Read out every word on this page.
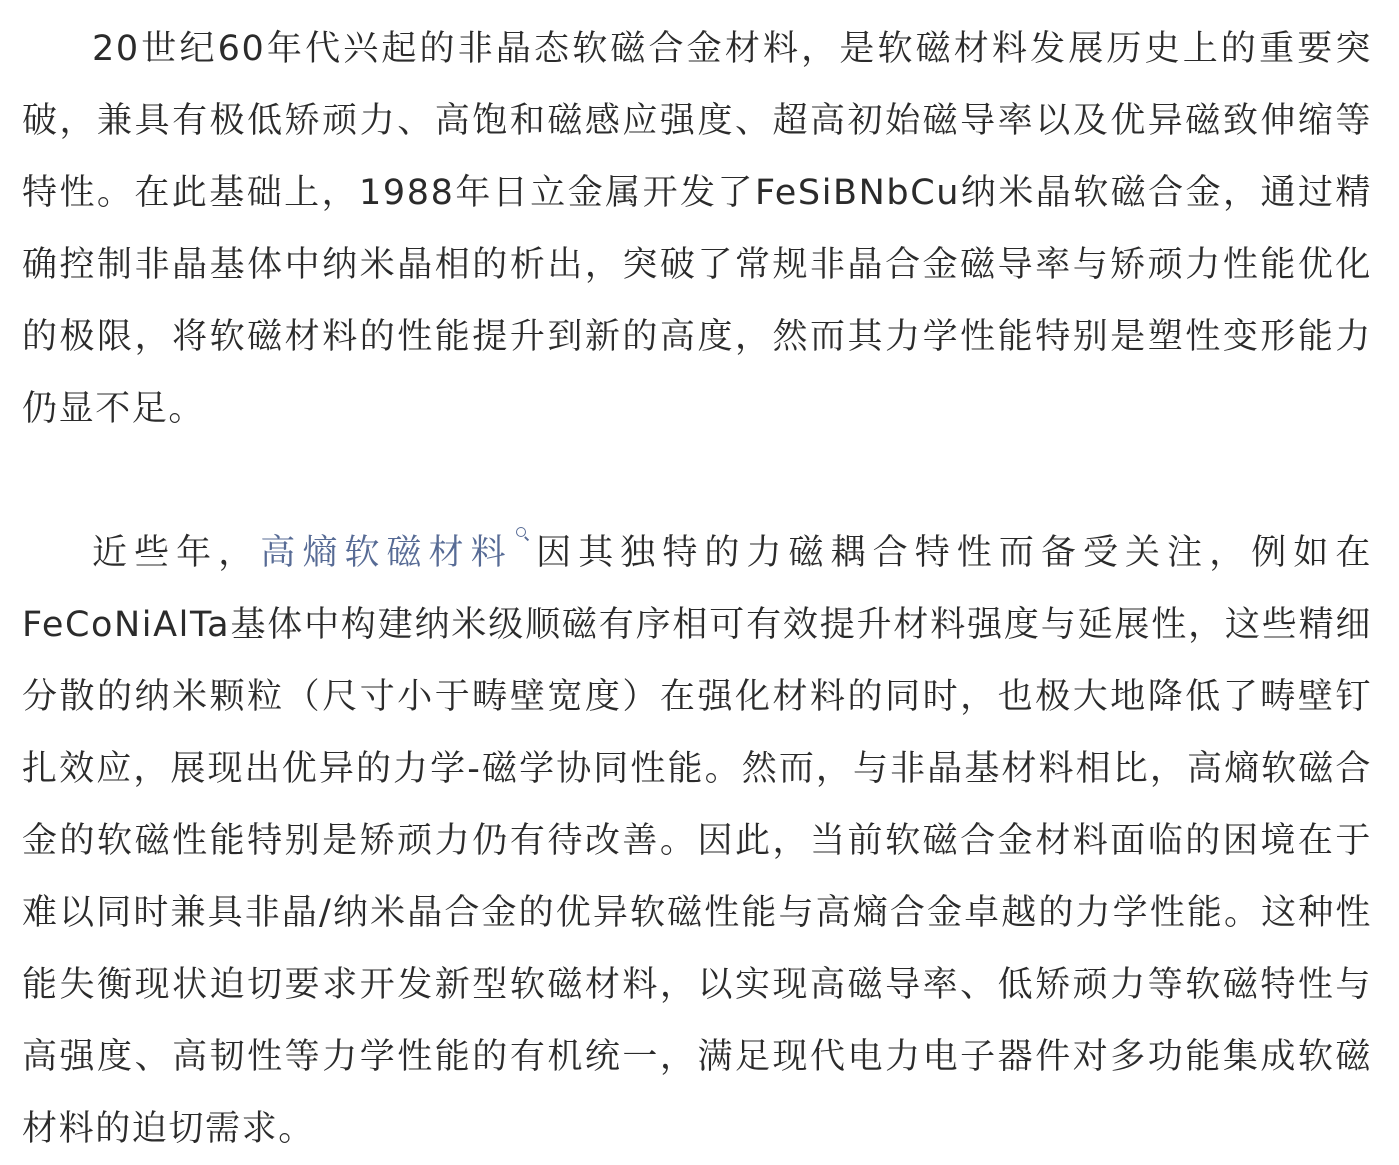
20世纪60年代兴起的非晶态软磁合金材料，是软磁材料发展历史上的重要突破，兼具有极低矫顽力、高饱和磁感应强度、超高初始磁导率以及优异磁致伸缩等特性。在此基础上，1988年日立金属开发了FeSiBNbCu纳米晶软磁合金，通过精确控制非晶基体中纳米晶相的析出，突破了常规非晶合金磁导率与矫顽力性能优化的极限，将软磁材料的性能提升到新的高度，然而其力学性能特别是塑性变形能力仍显不足。

近些年，高熵软磁材料 因其独特的力磁耦合特性而备受关注，例如在FeCoNiAlTa基体中构建纳米级顺磁有序相可有效提升材料强度与延展性，这些精细分散的纳米颗粒（尺寸小于畴壁宽度）在强化材料的同时，也极大地降低了畴壁钉扎效应，展现出优异的力学-磁学协同性能。然而，与非晶基材料相比，高熵软磁合金的软磁性能特别是矫顽力仍有待改善。因此，当前软磁合金材料面临的困境在于难以同时兼具非晶/纳米晶合金的优异软磁性能与高熵合金卓越的力学性能。这种性能失衡现状迫切要求开发新型软磁材料，以实现高磁导率、低矫顽力等软磁特性与高强度、高韧性等力学性能的有机统一，满足现代电力电子器件对多功能集成软磁材料的迫切需求。
